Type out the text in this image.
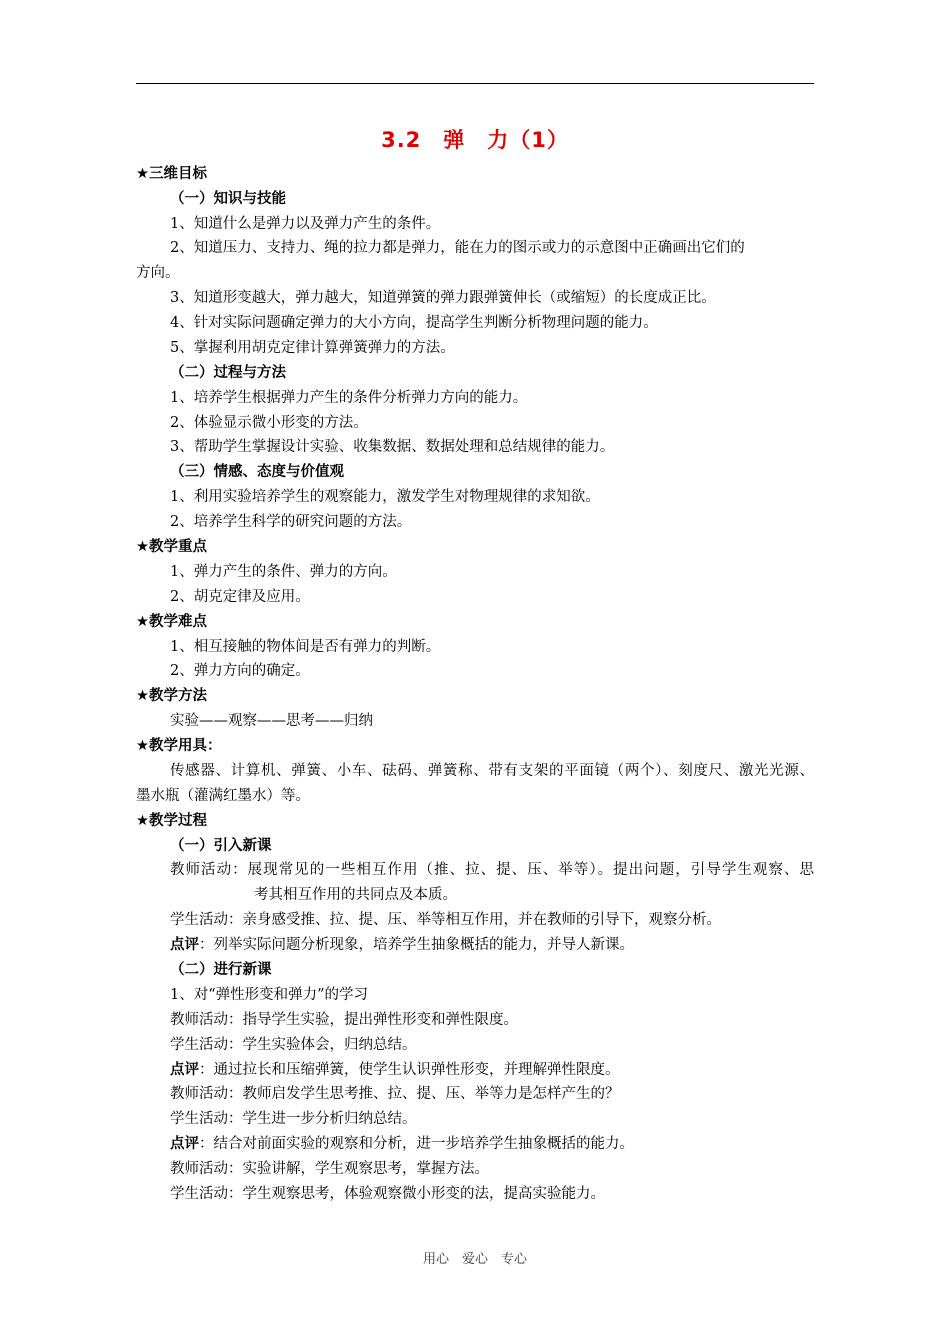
3.2　弹　力（1）
★三维目标
（一）知识与技能
1、知道什么是弹力以及弹力产生的条件。
2、知道压力、支持力、绳的拉力都是弹力，能在力的图示或力的示意图中正确画出它们的
方向。
3、知道形变越大，弹力越大，知道弹簧的弹力跟弹簧伸长（或缩短）的长度成正比。
4、针对实际问题确定弹力的大小方向，提高学生判断分析物理问题的能力。
5、掌握利用胡克定律计算弹簧弹力的方法。
（二）过程与方法
1、培养学生根据弹力产生的条件分析弹力方向的能力。
2、体验显示微小形变的方法。
3、帮助学生掌握设计实验、收集数据、数据处理和总结规律的能力。
（三）情感、态度与价值观
1、利用实验培养学生的观察能力，激发学生对物理规律的求知欲。
2、培养学生科学的研究问题的方法。
★教学重点
1、弹力产生的条件、弹力的方向。
2、胡克定律及应用。
★教学难点
1、相互接触的物体间是否有弹力的判断。
2、弹力方向的确定。
★教学方法
实验——观察——思考——归纳
★教学用具：
传感器、计算机、弹簧、小车、砝码、弹簧称、带有支架的平面镜（两个）、刻度尺、激光光源、
墨水瓶（灌满红墨水）等。
★教学过程
（一）引入新课
教师活动：展现常见的一些相互作用（推、拉、提、压、举等）。提出问题，引导学生观察、思
考其相互作用的共同点及本质。
学生活动：亲身感受推、拉、提、压、举等相互作用，并在教师的引导下，观察分析。
点评：列举实际问题分析现象，培养学生抽象概括的能力，并导人新课。
（二）进行新课
1、对“弹性形变和弹力”的学习
教师活动：指导学生实验，提出弹性形变和弹性限度。
学生活动：学生实验体会，归纳总结。
点评：通过拉长和压缩弹簧，使学生认识弹性形变，并理解弹性限度。
教师活动：教师启发学生思考推、拉、提、压、举等力是怎样产生的？
学生活动：学生进一步分析归纳总结。
点评：结合对前面实验的观察和分析，进一步培养学生抽象概括的能力。
教师活动：实验讲解，学生观察思考，掌握方法。
学生活动：学生观察思考，体验观察微小形变的法，提高实验能力。
用心　爱心　专心
